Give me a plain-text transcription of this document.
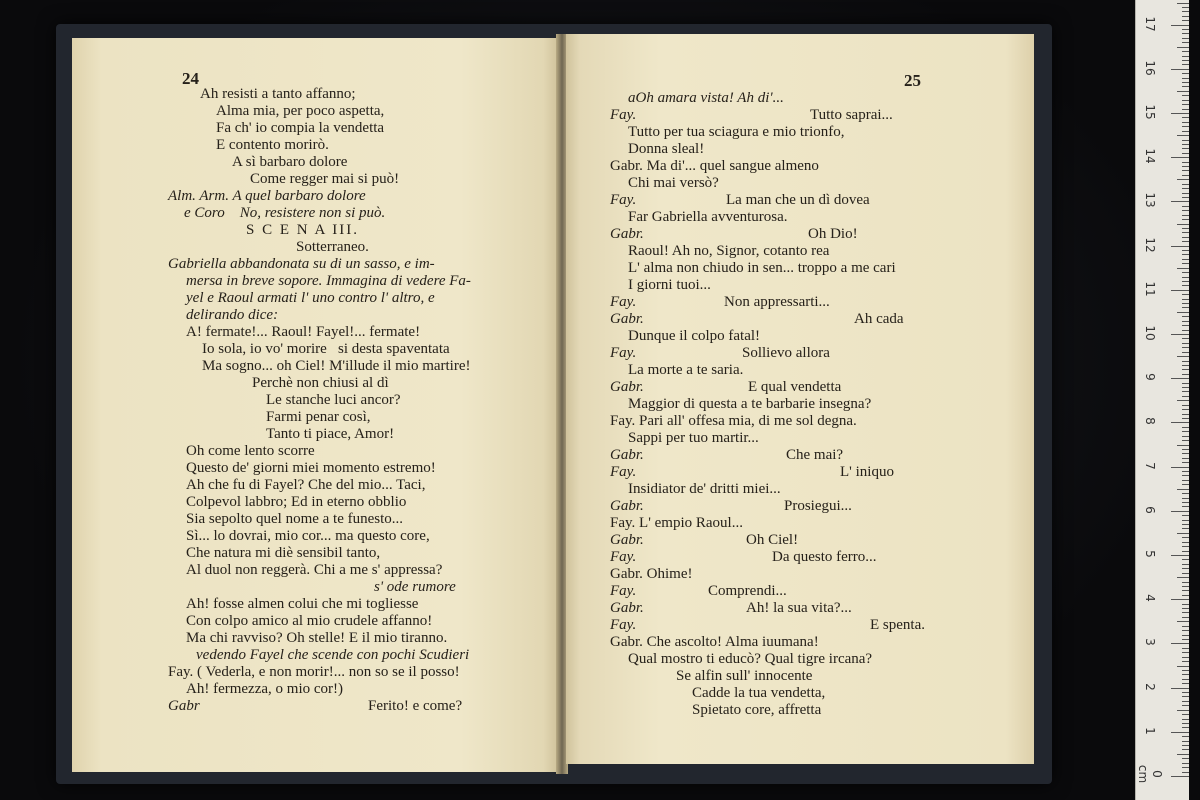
24
Ah resisti a tanto affanno;
Alma mia, per poco aspetta,
Fa ch' io compia la vendetta
E contento morirò.
A sì barbaro dolore
Come regger mai si può!
Alm. Arm. A quel barbaro dolore
e Coro    No, resistere non si può.
S C E N A III.
Sotterraneo.
Gabriella abbandonata su di un sasso, e im-
mersa in breve sopore. Immagina di vedere Fa-
yel e Raoul armati l' uno contro l' altro, e
delirando dice:
A! fermate!... Raoul! Fayel!... fermate!
Io sola, io vo' morire   si desta spaventata
Ma sogno... oh Ciel! M'illude il mio martire!
Perchè non chiusi al dì
Le stanche luci ancor?
Farmi penar così,
Tanto ti piace, Amor!
Oh come lento scorre
Questo de' giorni miei momento estremo!
Ah che fu di Fayel? Che del mio... Taci,
Colpevol labbro; Ed in eterno obblio
Sia sepolto quel nome a te funesto...
Sì... lo dovrai, mio cor... ma questo core,
Che natura mi diè sensibil tanto,
Al duol non reggerà. Chi a me s' appressa?
s' ode rumore
Ah! fosse almen colui che mi togliesse
Con colpo amico al mio crudele affanno!
Ma chi ravviso? Oh stelle! E il mio tiranno.
vedendo Fayel che scende con pochi Scudieri
Fay. ( Vederla, e non morir!... non so se il posso!
Ah! fermezza, o mio cor!)
Gabr	Ferito! e come?
25
aOh amara vista! Ah di'...
Fay.	Tutto saprai...
Tutto per tua sciagura e mio trionfo,
Donna sleal!
Gabr. Ma di'... quel sangue almeno
Chi mai versò?
Fay.	La man che un dì dovea
Far Gabriella avventurosa.
Gabr.	Oh Dio!
Raoul! Ah no, Signor, cotanto rea
L' alma non chiudo in sen... troppo a me cari
I giorni tuoi...
Fay.	Non appressarti...
Gabr.	Ah cada
Dunque il colpo fatal!
Fay.	Sollievo allora
La morte a te saria.
Gabr.	E qual vendetta
Maggior di questa a te barbarie insegna?
Fay. Pari all' offesa mia, di me sol degna.
Sappi per tuo martir...
Gabr.	Che mai?
Fay.	L' iniquo
Insidiator de' dritti miei...
Gabr.	Prosiegui...
Fay. L' empio Raoul...
Gabr.	Oh Ciel!
Fay.	Da questo ferro...
Gabr. Ohime!
Fay.	Comprendi...
Gabr.	Ah! la sua vita?...
Fay.	E spenta.
Gabr. Che ascolto! Alma iuumana!
Qual mostro ti educò? Qual tigre ircana?
Se alfin sull' innocente
Cadde la tua vendetta,
Spietato core, affretta
0 cm
1
2
3
4
5
6
7
8
9
10
11
12
13
14
15
16
17
